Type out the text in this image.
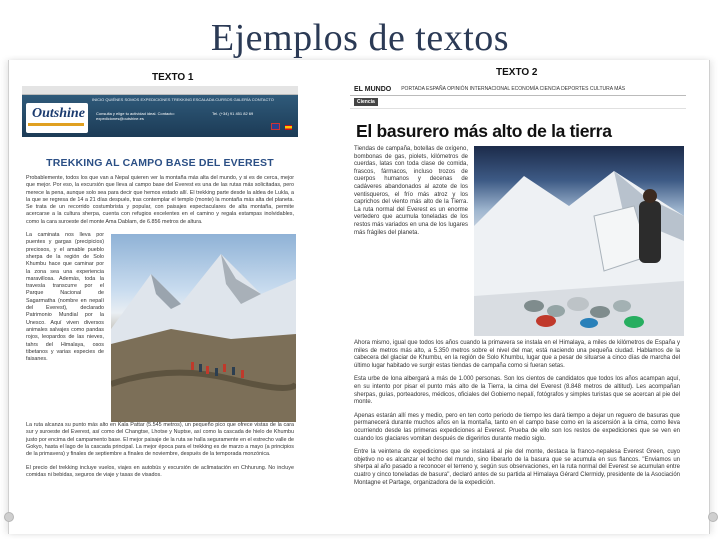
Ejemplos de textos
TEXTO 1	TEXTO 2
Outshine
INICIO QUIÉNES SOMOS EXPEDICIONES TREKKING ESCALADA CURSOS GALERÍA CONTACTO
Consulta y elige tu actividad ideal. Contacto: expediciones@outshine.es
Tel. (+34) 91 451 82 69

TREKKING AL CAMPO BASE DEL EVEREST

Probablemente, todos los que van a Nepal quieren ver la montaña más alta del mundo, y si es de cerca, mejor que mejor. Por eso, la excursión que lleva al campo base del Everest es una de las rutas más solicitadas, pero merece la pena, aunque solo sea para decir que hemos estado allí. El trekking parte desde la aldea de Lukla, a la que se regresa de 14 a 21 días después, tras contemplar el templo (monte) la montaña más alta del planeta. Se trata de un recorrido costumbrista y popular, con paisajes espectaculares de alta montaña, permite acercarse a la cultura sherpa, cuenta con refugios excelentes en el camino y regala estampas inolvidables, como la cara suroeste del monte Ama Dablam, de 6.856 metros de altura.

La caminata nos lleva por puentes y gargas (precipicios) preciosos, y el amable pueblo sherpa de la región de Solo Khumbu hace que caminar por la zona sea una experiencia maravillosa. Además, toda la travesía transcurre por el Parque Nacional de Sagarmatha (nombre en nepalí del Everest), declarado Patrimonio Mundial por la Unesco. Aquí viven diversos animales salvajes como pandas rojos, leopardos de las nieves, tahrs del Himalaya, osos tibetanos y varias especies de faisanes.

La ruta alcanza su punto más alto en Kala Pattar (5.545 metros), un pequeño pico que ofrece vistas de la cara sur y suroeste del Everest, así como del Changtse, Lhotse y Nuptse, así como la cascada de hielo de Khumbu justo por encima del campamento base. El mejor paisaje de la ruta se halla seguramente en el estrecho valle de Gokyo, hasta el lago de la cascada principal. La mejor época para el trekking es de marzo a mayo (a principios de la primavera) y finales de septiembre a finales de noviembre, después de la temporada monzónica.

El precio del trekking incluye vuelos, viajes en autobús y excursión de aclimatación en Chhurung. No incluye comidas ni bebidas, seguros de viaje y tasas de visados.

EL MUNDO PORTADA ESPAÑA OPINIÓN INTERNACIONAL ECONOMÍA CIENCIA DEPORTES CULTURA MÁS
Ciencia
El basurero más alto de la tierra

Tiendas de campaña, botellas de oxígeno, bombonas de gas, piolets, kilómetros de cuerdas, latas con toda clase de comida, frascos, fármacos, incluso trozos de cuerpos humanos y decenas de cadáveres abandonados al azote de los ventisqueros, el frío más atroz y los caprichos del viento más alto de la Tierra. La ruta normal del Everest es un enorme vertedero que acumula toneladas de los restos más variados en una de los lugares más frágiles del planeta.

Ahora mismo, igual que todos los años cuando la primavera se instala en el Himalaya, a miles de kilómetros de España y miles de metros más alto, a 5.350 metros sobre el nivel del mar, está naciendo una pequeña ciudad. Hablamos de la cabecera del glaciar de Khumbu, en la región de Solo Khumbu, lugar que a pesar de situarse a cinco días de marcha del último lugar habitado ve surgir estas tiendas de campaña como si fueran setas.

Esta urbe de lona albergará a más de 1.000 personas. Son los cientos de candidatos que todos los años acampan aquí, en su intento por pisar el punto más alto de la Tierra, la cima del Everest (8.848 metros de altitud). Les acompañan sherpas, guías, porteadores, médicos, oficiales del Gobierno nepalí, fotógrafos y simples turistas que se acercan al pie del monte.

Apenas estarán allí mes y medio, pero en ten corto periodo de tiempo les dará tiempo a dejar un reguero de basuras que permanecerá durante muchos años en la montaña, tanto en el campo base como en la ascensión a la cima, como lleva ocurriendo desde las primeras expediciones al Everest. Prueba de ello son los restos de expediciones que se ven en cuando los glaciares vomitan después de digerirlos durante medio siglo.

Entre la veintena de expediciones que se instalará al pie del monte, destaca la franco-nepalesa Everest Green, cuyo objetivo no es alcanzar el techo del mundo, sino liberarlo de la basura que se acumula en sus flancos. "Enviamos un sherpa al año pasado a reconocer el terreno y, según sus observaciones, en la ruta normal del Everest se acumulan entre cuatro y cinco toneladas de basura", declaró antes de su partida al Himalaya Gérard Clermidy, presidente de la Asociación Montagne et Partage, organizadora de la expedición.
